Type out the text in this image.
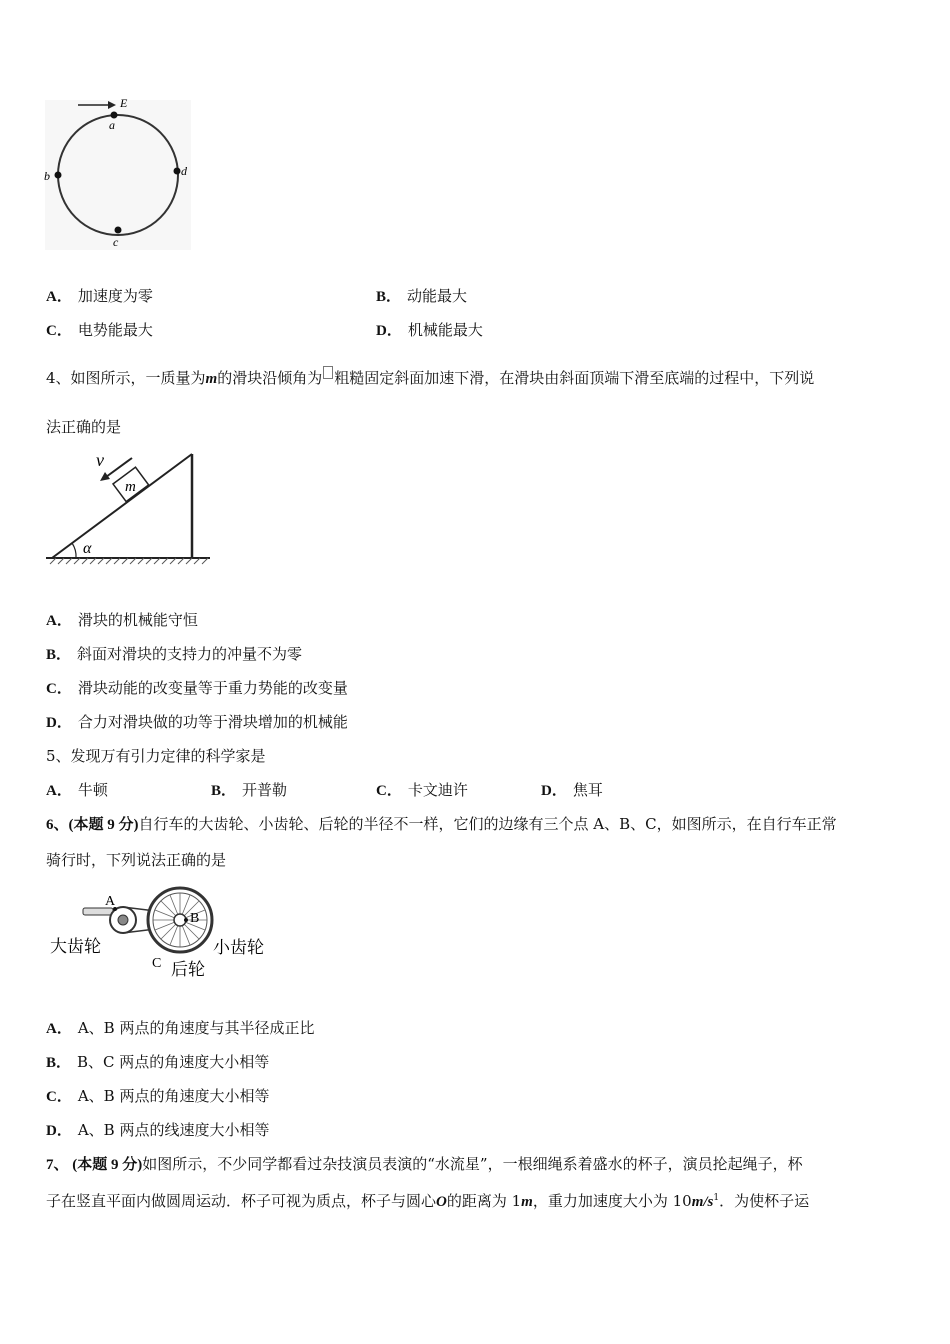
E
a
b	d
c
A． 加速度为零	B． 动能最大
C． 电势能最大	D． 机械能最大
4、如图所示，一质量为m的滑块沿倾角为 粗糙固定斜面加速下滑，在滑块由斜面顶端下滑至底端的过程中，下列说
法正确的是
α
m
v
A． 滑块的机械能守恒
B． 斜面对滑块的支持力的冲量不为零
C． 滑块动能的改变量等于重力势能的改变量
D． 合力对滑块做的功等于滑块增加的机械能
5、发现万有引力定律的科学家是
A． 牛顿	B． 开普勒	C． 卡文迪许	D． 焦耳
6、(本题 9 分)自行车的大齿轮、小齿轮、后轮的半径不一样，它们的边缘有三个点 A、B、C，如图所示，在自行车正常
骑行时，下列说法正确的是
A
B
C
大齿轮	小齿轮
后轮
A． A、B 两点的角速度与其半径成正比
B． B、C 两点的角速度大小相等
C． A、B 两点的角速度大小相等
D． A、B 两点的线速度大小相等
7、 (本题 9 分)如图所示，不少同学都看过杂技演员表演的“水流星”，一根细绳系着盛水的杯子，演员抡起绳子，杯
子在竖直平面内做圆周运动．杯子可视为质点，杯子与圆心O的距离为 1m，重力加速度大小为 $10m/s^1$．为使杯子运
